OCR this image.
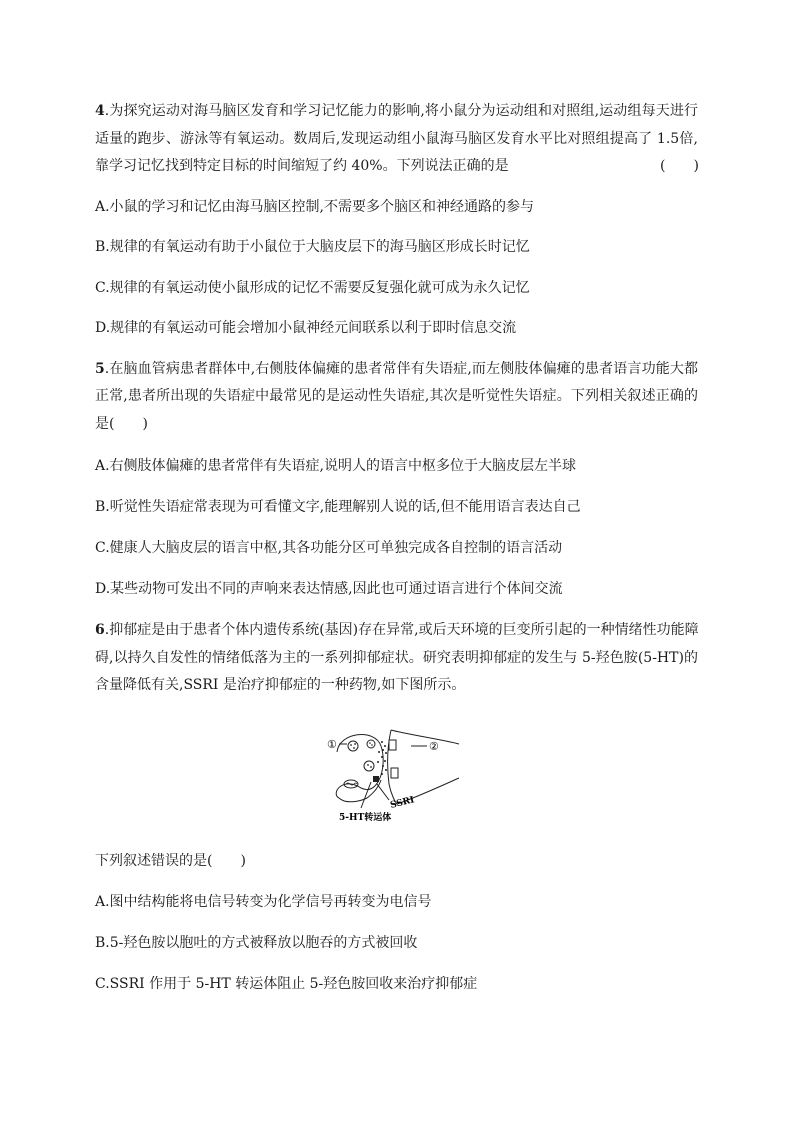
4.为探究运动对海马脑区发育和学习记忆能力的影响,将小鼠分为运动组和对照组,运动组每天进行
适量的跑步、游泳等有氧运动。数周后,发现运动组小鼠海马脑区发育水平比对照组提高了 1.5倍,
靠学习记忆找到特定目标的时间缩短了约 40%。下列说法正确的是	(　　)
A.小鼠的学习和记忆由海马脑区控制,不需要多个脑区和神经通路的参与
B.规律的有氧运动有助于小鼠位于大脑皮层下的海马脑区形成长时记忆
C.规律的有氧运动使小鼠形成的记忆不需要反复强化就可成为永久记忆
D.规律的有氧运动可能会增加小鼠神经元间联系以利于即时信息交流
5.在脑血管病患者群体中,右侧肢体偏瘫的患者常伴有失语症,而左侧肢体偏瘫的患者语言功能大都
正常,患者所出现的失语症中最常见的是运动性失语症,其次是听觉性失语症。下列相关叙述正确的
是(　　)
A.右侧肢体偏瘫的患者常伴有失语症,说明人的语言中枢多位于大脑皮层左半球
B.听觉性失语症常表现为可看懂文字,能理解别人说的话,但不能用语言表达自己
C.健康人大脑皮层的语言中枢,其各功能分区可单独完成各自控制的语言活动
D.某些动物可发出不同的声响来表达情感,因此也可通过语言进行个体间交流
6.抑郁症是由于患者个体内遗传系统(基因)存在异常,或后天环境的巨变所引起的一种情绪性功能障
碍,以持久自发性的情绪低落为主的一系列抑郁症状。研究表明抑郁症的发生与 5-羟色胺(5-HT)的
含量降低有关,SSRI 是治疗抑郁症的一种药物,如下图所示。
①	②
SSRI
5-HT转运体
下列叙述错误的是(　　)
A.图中结构能将电信号转变为化学信号再转变为电信号
B.5-羟色胺以胞吐的方式被释放以胞吞的方式被回收
C.SSRI 作用于 5-HT 转运体阻止 5-羟色胺回收来治疗抑郁症
